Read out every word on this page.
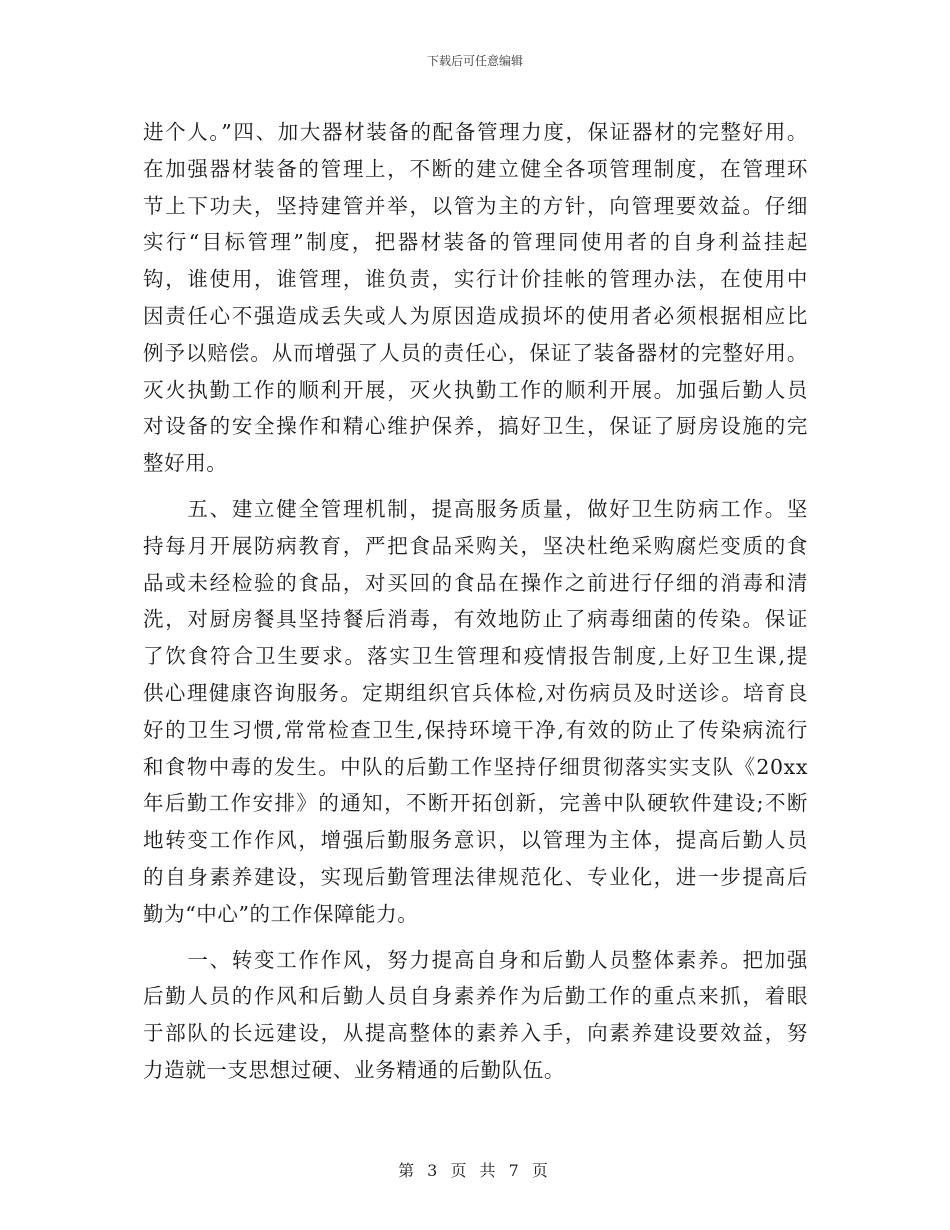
下载后可任意编辑
进个人。”四、加大器材装备的配备管理力度，保证器材的完整好用。
在加强器材装备的管理上，不断的建立健全各项管理制度，在管理环
节上下功夫，坚持建管并举，以管为主的方针，向管理要效益。仔细
实行“目标管理”制度，把器材装备的管理同使用者的自身利益挂起
钩，谁使用，谁管理，谁负责，实行计价挂帐的管理办法，在使用中
因责任心不强造成丢失或人为原因造成损坏的使用者必须根据相应比
例予以赔偿。从而增强了人员的责任心，保证了装备器材的完整好用。
灭火执勤工作的顺利开展，灭火执勤工作的顺利开展。加强后勤人员
对设备的安全操作和精心维护保养，搞好卫生，保证了厨房设施的完
整好用。
　　五、建立健全管理机制，提高服务质量，做好卫生防病工作。坚
持每月开展防病教育，严把食品采购关，坚决杜绝采购腐烂变质的食
品或未经检验的食品，对买回的食品在操作之前进行仔细的消毒和清
洗，对厨房餐具坚持餐后消毒，有效地防止了病毒细菌的传染。保证
了饮食符合卫生要求。落实卫生管理和疫情报告制度,上好卫生课,提
供心理健康咨询服务。定期组织官兵体检,对伤病员及时送诊。培育良
好的卫生习惯,常常检查卫生,保持环境干净,有效的防止了传染病流行
和食物中毒的发生。中队的后勤工作坚持仔细贯彻落实实支队《20xx
年后勤工作安排》的通知，不断开拓创新，完善中队硬软件建设;不断
地转变工作作风，增强后勤服务意识，以管理为主体，提高后勤人员
的自身素养建设，实现后勤管理法律规范化、专业化，进一步提高后
勤为“中心”的工作保障能力。
　　一、转变工作作风，努力提高自身和后勤人员整体素养。把加强
后勤人员的作风和后勤人员自身素养作为后勤工作的重点来抓，着眼
于部队的长远建设，从提高整体的素养入手，向素养建设要效益，努
力造就一支思想过硬、业务精通的后勤队伍。
第 3 页 共 7 页
